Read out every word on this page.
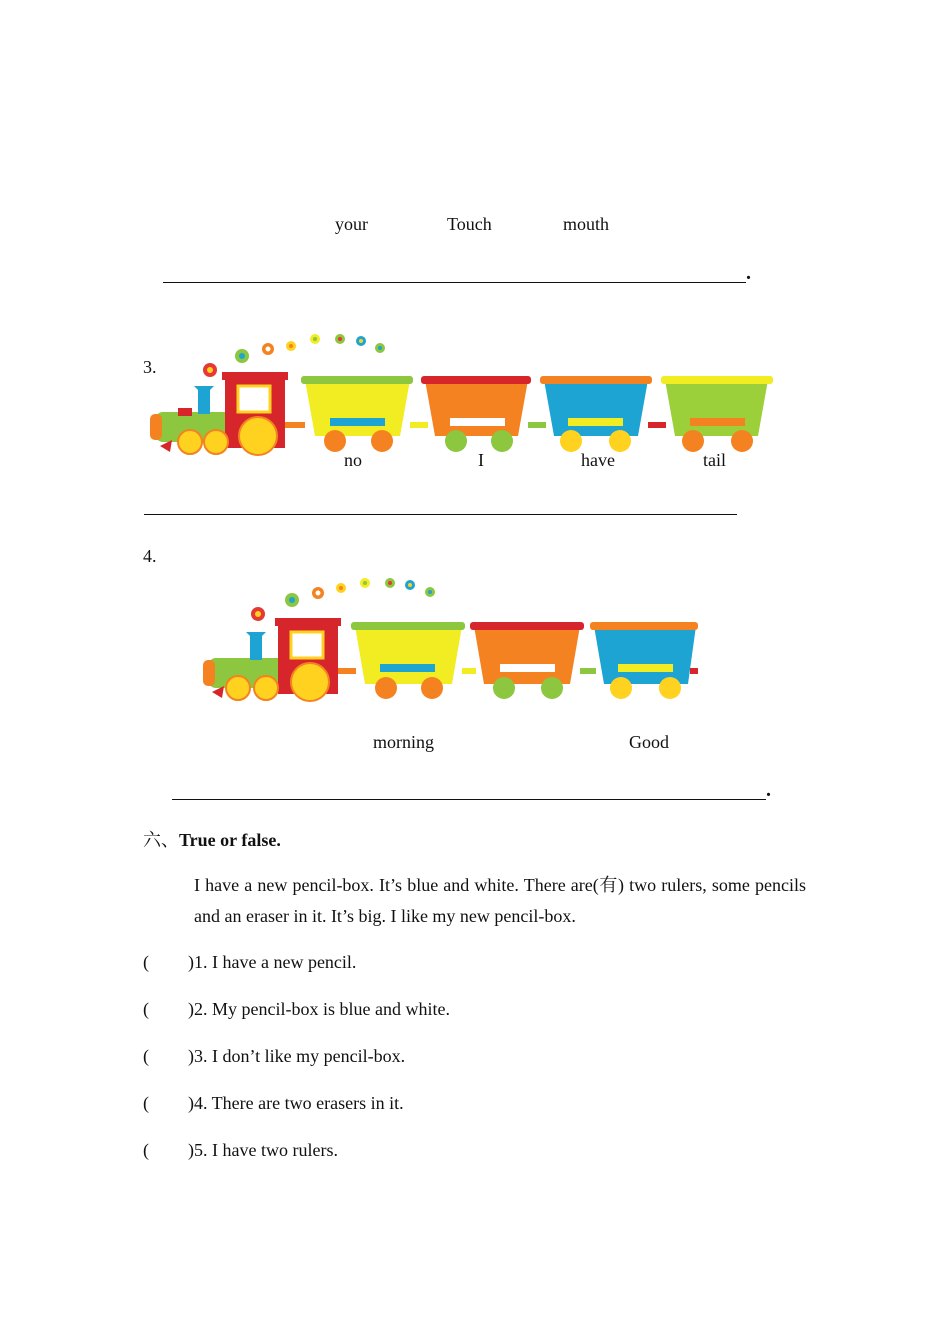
your	Touch	mouth
.
3.
no	I	have	tail
4.
morning	Good
.
六、True or false.
I have a new pencil-box. It’s blue and white. There are(有) two rulers, some pencils and an eraser in it. It’s big. I like my new pencil-box.
( )1. I have a new pencil.
( )2. My pencil-box is blue and white.
( )3. I don’t like my pencil-box.
( )4. There are two erasers in it.
( )5. I have two rulers.
